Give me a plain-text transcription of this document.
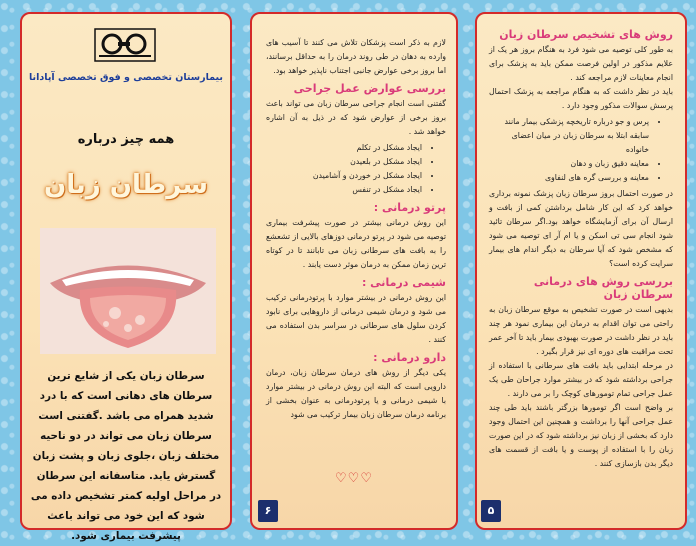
بیمارستان تخصصی و فوق تخصصی آپادانا
همه چیز درباره
سرطان زبان
سرطان زبان یکی از شایع ترین سرطان های دهانی است که با درد شدید همراه می باشد .گفتنی است سرطان زبان می تواند در دو ناحیه مختلف زبان ،جلوی زبان و پشت زبان گسترش یابد. متاسفانه این سرطان در مراحل اولیه کمتر تشخیص داده می شود که این خود می تواند باعث پیشرفت بیماری شود.
لازم به ذکر است پزشکان تلاش می کنند تا آسیب های وارده به دهان در طی روند درمان را به حداقل برسانند، اما بروز برخی عوارض جانبی اجتناب ناپذیر خواهد بود.
بررسی عوارض عمل جراحی
گفتنی است انجام جراحی سرطان زبان می تواند باعث بروز برخی از عوارض شود که در ذیل به آن اشاره خواهد شد .
• ایجاد مشکل در تکلم
• ایجاد مشکل در بلعیدن
• ایجاد مشکل در خوردن و آشامیدن
• ایجاد مشکل در تنفس
پرتو درمانی :
این روش درمانی بیشتر در صورت پیشرفت بیماری توصیه می شود در پرتو درمانی دوزهای بالایی از تشعشع را به بافت های سرطانی زبان می تابانند تا در کوتاه ترین زمان ممکن به درمان موثر دست یابند .
شیمی درمانی :
این روش درمانی در بیشتر موارد با پرتودرمانی ترکیب می شود و درمان شیمی درمانی از داروهایی برای نابود کردن سلول های سرطانی در سراسر بدن استفاده می کنند .
دارو درمانی :
یکی دیگر از روش های درمان سرطان زبان، درمان دارویی است که البته این روش درمانی در بیشتر موارد با شیمی درمانی و یا پرتودرمانی به عنوان بخشی از برنامه درمان سرطان زبان بیمار ترکیب می شود
♡♡♡
۶
روش های تشخیص سرطان زبان
به طور کلی توصیه می شود فرد به هنگام بروز هر یک از علایم مذکور در اولین فرصت ممکن باید به پزشک برای انجام معاینات لازم مراجعه کند .
باید در نظر داشت که به هنگام مراجعه به پزشک احتمال پرسش سوالات مذکور وجود دارد .
• پرس و جو درباره تاریخچه پزشکی بیمار مانند سابقه ابتلا به سرطان زبان در میان اعضای خانواده
• معاینه دقیق زبان و دهان
• معاینه و بررسی گره های لنفاوی
در صورت احتمال بروز سرطان زبان پزشک نمونه برداری خواهد کرد که این کار شامل برداشتن کمی از بافت و ارسال آن برای آزمایشگاه خواهد بود.اگر سرطان تائید شود انجام سی تی اسکن و یا ام آر ای توصیه می شود که مشخص شود که آیا سرطان به دیگر اندام های بیمار سرایت کرده است؟
بررسی روش های درمانی سرطان زبان
بدیهی است در صورت تشخیص به موقع سرطان زبان به راحتی می توان اقدام به درمان این بیماری نمود هر چند باید در نظر داشت در صورت بهبودی بیمار باید تا آخر عمر تحت مراقبت های دوره ای نیز قرار بگیرد .
در مرحله ابتدایی باید بافت های سرطانی با استفاده از جراحی برداشته شود که در بیشتر موارد جراحان طی یک عمل جراحی تمام تومورهای کوچک را بر می دارند .
بر واضح است اگر تومورها بزرگتر باشند باید طی چند عمل جراحی آنها را برداشت و همچنین این احتمال وجود دارد که بخشی از زبان نیز برداشته شود که در این صورت زبان را با استفاده از پوست و یا بافت از قسمت های دیگر بدن بازسازی کنند .
۵
